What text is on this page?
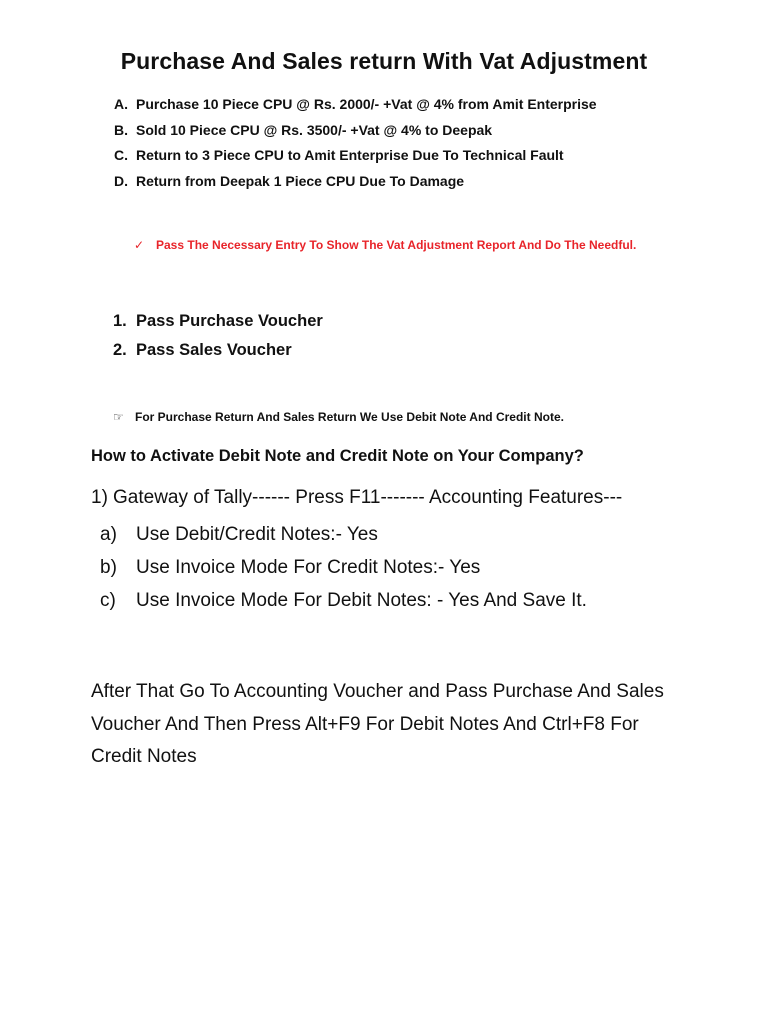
Purchase And Sales return With Vat Adjustment
A. Purchase 10 Piece CPU @ Rs. 2000/- +Vat @ 4% from Amit Enterprise
B. Sold 10 Piece CPU @ Rs. 3500/- +Vat @ 4% to Deepak
C. Return to 3 Piece CPU to Amit Enterprise Due To Technical Fault
D. Return from Deepak 1 Piece CPU Due To Damage
✓ Pass The Necessary Entry To Show The Vat Adjustment Report And Do The Needful.
1. Pass Purchase Voucher
2. Pass Sales Voucher
☞ For Purchase Return And Sales Return We Use Debit Note And Credit Note.
How to Activate Debit Note and Credit Note on Your Company?
1) Gateway of Tally------ Press F11------- Accounting Features---
a) Use Debit/Credit Notes:- Yes
b) Use Invoice Mode For Credit Notes:- Yes
c) Use Invoice Mode For Debit Notes: - Yes And Save It.

After That Go To Accounting Voucher and Pass Purchase And Sales Voucher And Then Press Alt+F9 For Debit Notes And Ctrl+F8 For Credit Notes
